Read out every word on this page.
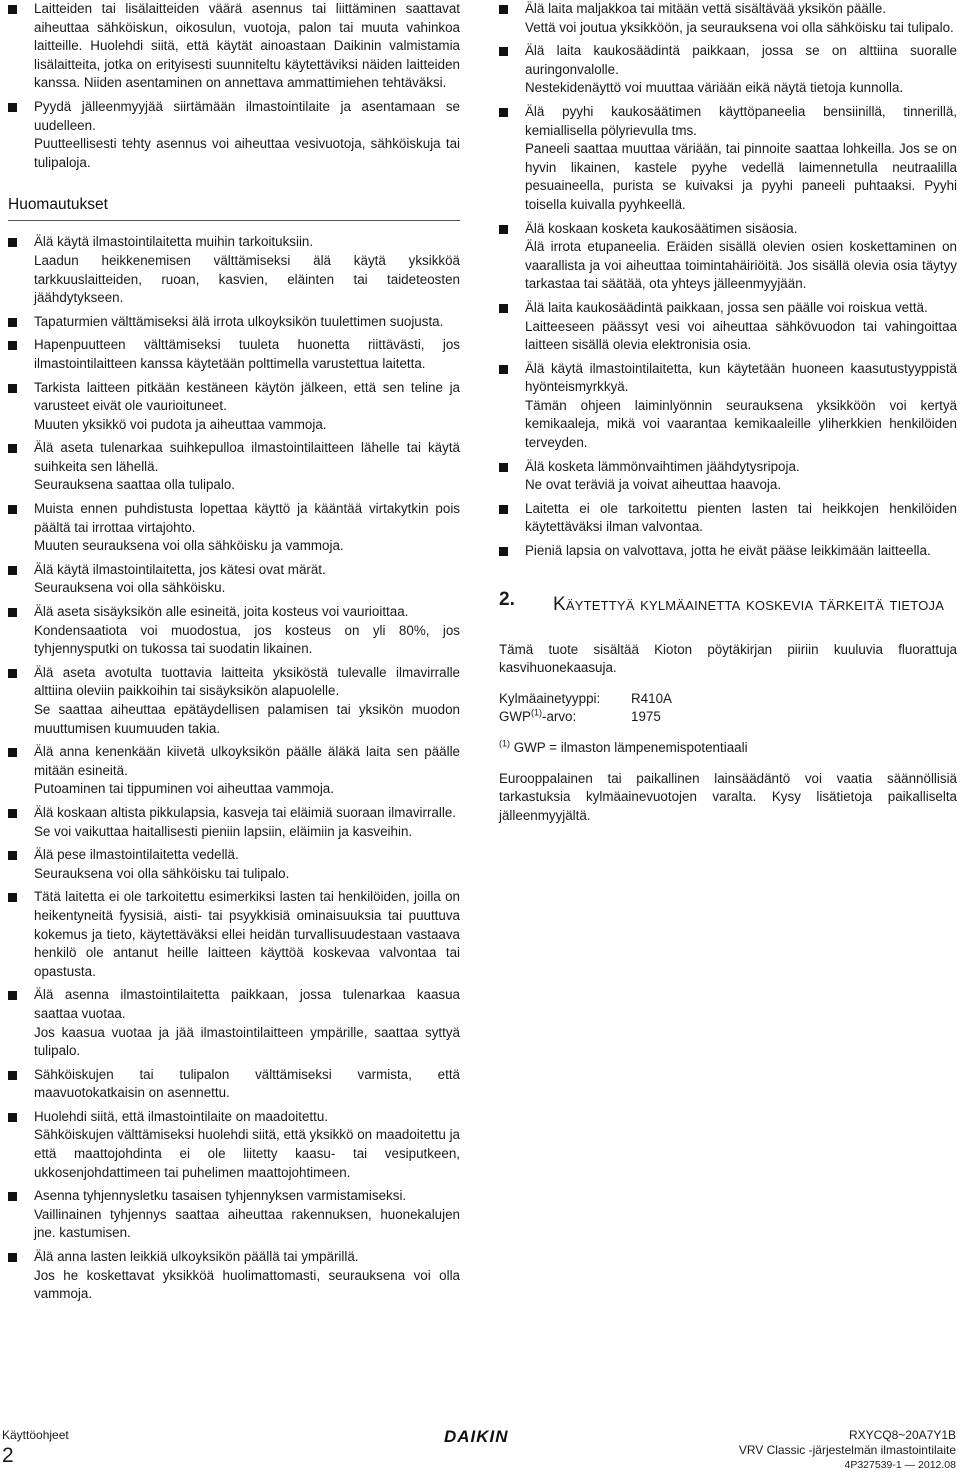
Laitteiden tai lisälaitteiden väärä asennus tai liittäminen saattavat aiheuttaa sähköiskun, oikosulun, vuotoja, palon tai muuta vahinkoa laitteille. Huolehdi siitä, että käytät ainoastaan Daikinin valmistamia lisälaitteita, jotka on erityisesti suunniteltu käytettäviksi näiden laitteiden kanssa. Niiden asentaminen on annettava ammattimiehen tehtäväksi.
Pyydä jälleenmyyjää siirtämään ilmastointilaite ja asentamaan se uudelleen.
Puutteellisesti tehty asennus voi aiheuttaa vesivuotoja, sähköiskuja tai tulipaloja.
Huomautukset
Älä käytä ilmastointilaitetta muihin tarkoituksiin.
Laadun heikkenemisen välttämiseksi älä käytä yksikköä tarkkuuslaitteiden, ruoan, kasvien, eläinten tai taideteosten jäähdytykseen.
Tapaturmien välttämiseksi älä irrota ulkoyksikön tuulettimen suojusta.
Hapenpuutteen välttämiseksi tuuleta huonetta riittävästi, jos ilmastointilaitteen kanssa käytetään polttimella varustettua laitetta.
Tarkista laitteen pitkään kestäneen käytön jälkeen, että sen teline ja varusteet eivät ole vaurioituneet.
Muuten yksikkö voi pudota ja aiheuttaa vammoja.
Älä aseta tulenarkaa suihkepulloa ilmastointilaitteen lähelle tai käytä suihkeita sen lähellä.
Seurauksena saattaa olla tulipalo.
Muista ennen puhdistusta lopettaa käyttö ja kääntää virtakytkin pois päältä tai irrottaa virtajohto.
Muuten seurauksena voi olla sähköisku ja vammoja.
Älä käytä ilmastointilaitetta, jos kätesi ovat märät.
Seurauksena voi olla sähköisku.
Älä aseta sisäyksikön alle esineitä, joita kosteus voi vaurioittaa.
Kondensaatiota voi muodostua, jos kosteus on yli 80%, jos tyhjennysputki on tukossa tai suodatin likainen.
Älä aseta avotulta tuottavia laitteita yksiköstä tulevalle ilmavirralle alttiina oleviin paikkoihin tai sisäyksikön alapuolelle.
Se saattaa aiheuttaa epätäydellisen palamisen tai yksikön muodon muuttumisen kuumuuden takia.
Älä anna kenenkään kiivetä ulkoyksikön päälle äläkä laita sen päälle mitään esineitä.
Putoaminen tai tippuminen voi aiheuttaa vammoja.
Älä koskaan altista pikkulapsia, kasveja tai eläimiä suoraan ilmavirralle.
Se voi vaikuttaa haitallisesti pieniin lapsiin, eläimiin ja kasveihin.
Älä pese ilmastointilaitetta vedellä.
Seurauksena voi olla sähköisku tai tulipalo.
Tätä laitetta ei ole tarkoitettu esimerkiksi lasten tai henkilöiden, joilla on heikentyneitä fyysisiä, aisti- tai psyykkisiä ominaisuuksia tai puuttuva kokemus ja tieto, käytettäväksi ellei heidän turvallisuudestaan vastaava henkilö ole antanut heille laitteen käyttöä koskevaa valvontaa tai opastusta.
Älä asenna ilmastointilaitetta paikkaan, jossa tulenarkaa kaasua saattaa vuotaa.
Jos kaasua vuotaa ja jää ilmastointilaitteen ympärille, saattaa syttyä tulipalo.
Sähköiskujen tai tulipalon välttämiseksi varmista, että maavuotokatkaisin on asennettu.
Huolehdi siitä, että ilmastointilaite on maadoitettu.
Sähköiskujen välttämiseksi huolehdi siitä, että yksikkö on maadoitettu ja että maattojohdinta ei ole liitetty kaasu- tai vesiputkeen, ukkosenjohdattimeen tai puhelimen maattojohtimeen.
Asenna tyhjennysletku tasaisen tyhjennyksen varmistamiseksi.
Vaillinainen tyhjennys saattaa aiheuttaa rakennuksen, huonekalujen jne. kastumisen.
Älä anna lasten leikkiä ulkoyksikön päällä tai ympärillä.
Jos he koskettavat yksikköä huolimattomasti, seurauksena voi olla vammoja.
Älä laita maljakkoa tai mitään vettä sisältävää yksikön päälle.
Vettä voi joutua yksikköön, ja seurauksena voi olla sähköisku tai tulipalo.
Älä laita kaukosäädintä paikkaan, jossa se on alttiina suoralle auringonvalolle.
Nestekidenäyttö voi muuttaa väriään eikä näytä tietoja kunnolla.
Älä pyyhi kaukosäätimen käyttöpaneelia bensiinillä, tinnerillä, kemiallisella pölyrievulla tms.
Paneeli saattaa muuttaa väriään, tai pinnoite saattaa lohkeilla. Jos se on hyvin likainen, kastele pyyhe vedellä laimennetulla neutraalilla pesuaineella, purista se kuivaksi ja pyyhi paneeli puhtaaksi. Pyyhi toisella kuivalla pyyhkeellä.
Älä koskaan kosketa kaukosäätimen sisäosia.
Älä irrota etupaneelia. Eräiden sisällä olevien osien koskettaminen on vaarallista ja voi aiheuttaa toimintahäiriöitä. Jos sisällä olevia osia täytyy tarkastaa tai säätää, ota yhteys jälleenmyyjään.
Älä laita kaukosäädintä paikkaan, jossa sen päälle voi roiskua vettä.
Laitteeseen päässyt vesi voi aiheuttaa sähkövuodon tai vahingoittaa laitteen sisällä olevia elektronisia osia.
Älä käytä ilmastointilaitetta, kun käytetään huoneen kaasutustyyppistä hyönteismyrkkyä.
Tämän ohjeen laiminlyönnin seurauksena yksikköön voi kertyä kemikaaleja, mikä voi vaarantaa kemikaaleille yliherkkien henkilöiden terveyden.
Älä kosketa lämmönvaihtimen jäähdytysripoja.
Ne ovat teräviä ja voivat aiheuttaa haavoja.
Laitetta ei ole tarkoitettu pienten lasten tai heikkojen henkilöiden käytettäväksi ilman valvontaa.
Pieniä lapsia on valvottava, jotta he eivät pääse leikkimään laitteella.
2. Käytettyä kylmäainetta koskevia tärkeitä tietoja
Tämä tuote sisältää Kioton pöytäkirjan piiriin kuuluvia fluorattuja kasvihuonekaasuja.
Kylmäainetyyppi:	R410A
GWP$^{(1)}$-arvo:	1975
$^{(1)}$ GWP = ilmaston lämpenemispotentiaali
Eurooppalainen tai paikallinen lainsäädäntö voi vaatia säännöllisiä tarkastuksia kylmäainevuotojen varalta. Kysy lisätietoja paikalliselta jälleenmyyjältä.
Käyttöohjeet
2
DAIKIN	RXYCQ8~20A7Y1B
VRV Classic -järjestelmän ilmastointilaite
4P327539-1 — 2012.08
